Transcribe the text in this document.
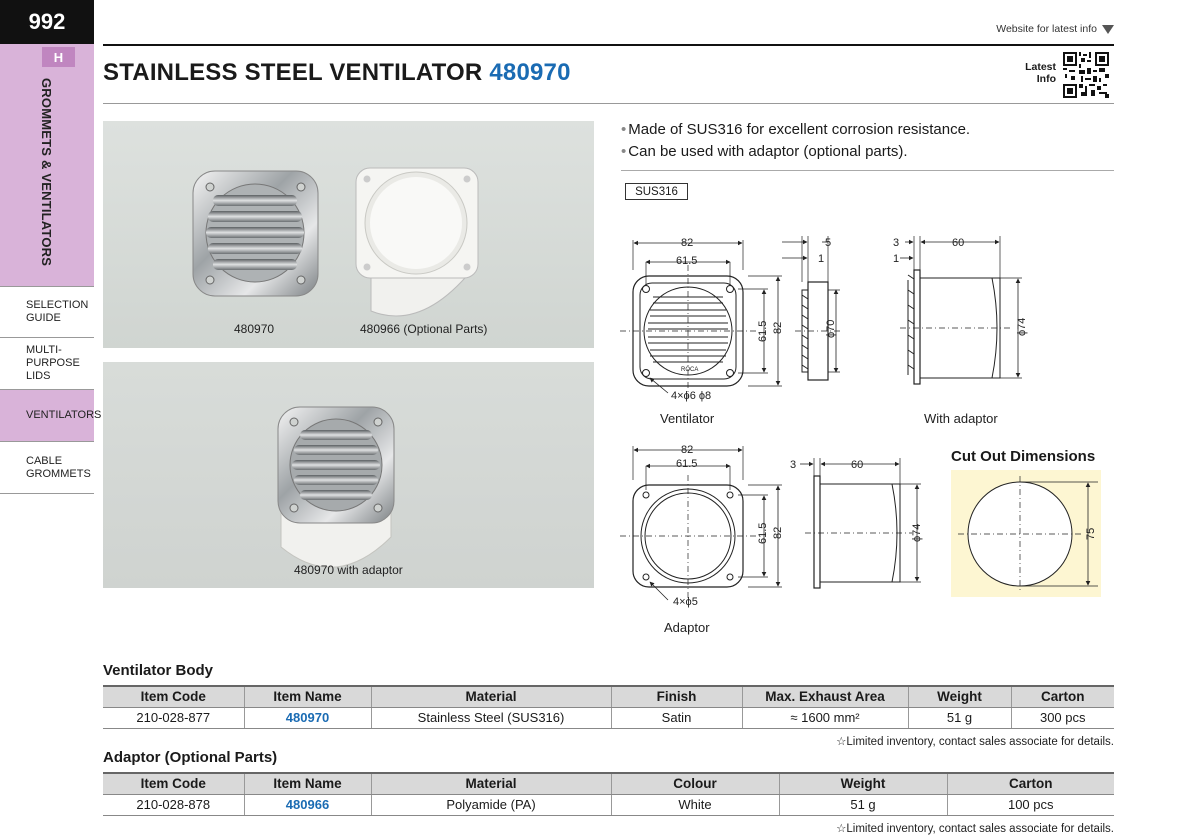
992
H
GROMMETS & VENTILATORS
SELECTION
GUIDE
MULTI-
PURPOSE
LIDS
VENTILATORS
CABLE
GROMMETS
Website for latest info
STAINLESS STEEL VENTILATOR 480970	Latest Info
480970	480966 (Optional Parts)
480970 with adaptor
• Made of SUS316 for excellent corrosion resistance.
• Can be used with adaptor (optional parts).
SUS316
82
61.5
4×ϕ6 ϕ8
ROCA
5
1
3	60
1
82
61.5
4×ϕ5
3	60
61.5 82	ϕ70	ϕ74
61.5 82	ϕ74	75
Ventilator	With adaptor
Adaptor
Cut Out Dimensions
Ventilator Body
Item Code	Item Name	Material	Finish	Max. Exhaust Area	Weight	Carton
210-028-877	480970	Stainless Steel (SUS316)	Satin	≈ 1600 mm²	51 g	300 pcs
☆Limited inventory, contact sales associate for details.
Adaptor (Optional Parts)
Item Code	Item Name	Material	Colour	Weight	Carton
210-028-878	480966	Polyamide (PA)	White	51 g	100 pcs
☆Limited inventory, contact sales associate for details.
